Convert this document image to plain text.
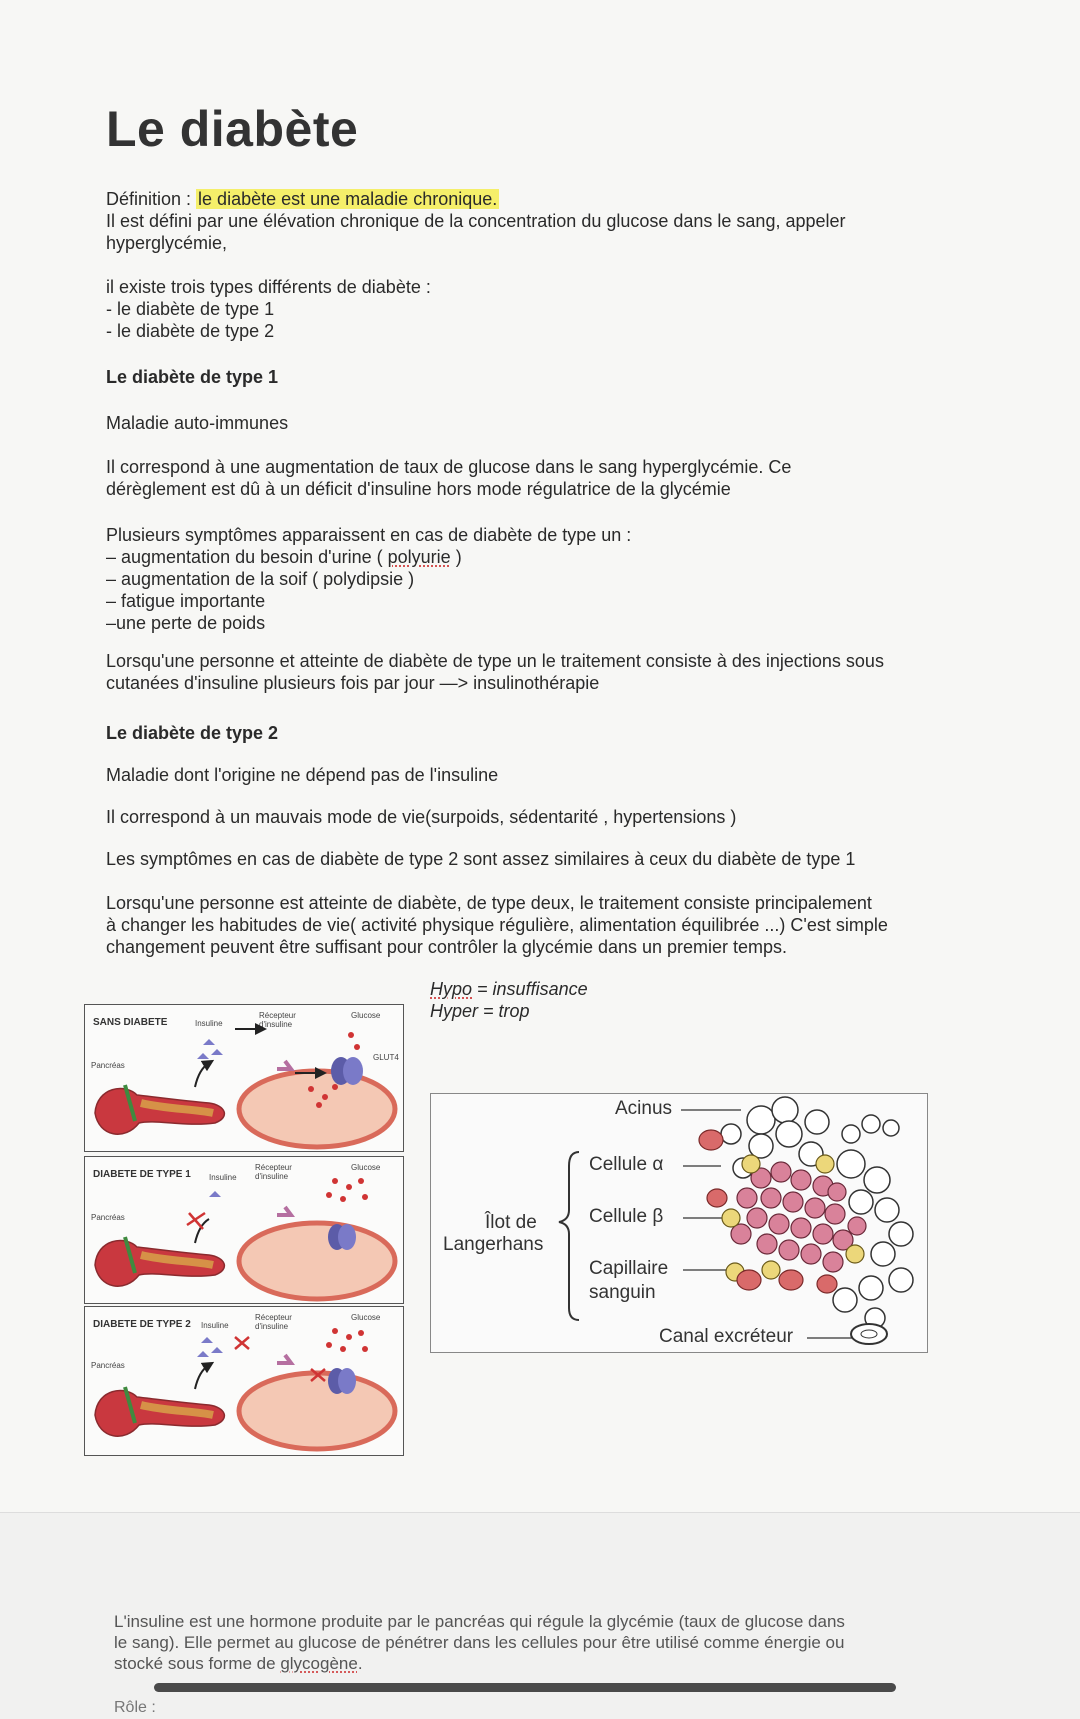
Le diabète

Définition : le diabète est une maladie chronique.

Il est défini par une élévation chronique de la concentration du glucose dans le sang, appeler

hyperglycémie,

il existe trois types différents de diabète :

- le diabète de type 1

- le diabète de type 2

Le diabète de type 1
Maladie auto-immunes

Il correspond à une augmentation de taux de glucose dans le sang hyperglycémie. Ce

dérèglement est dû à un déficit d'insuline hors mode régulatrice de la glycémie

Plusieurs symptômes apparaissent en cas de diabète de type un :

– augmentation du besoin d'urine ( polyurie )

– augmentation de la soif ( polydipsie )

– fatigue importante

–une perte de poids

Lorsqu'une personne et atteinte de diabète de type un le traitement consiste à des injections sous

cutanées d'insuline plusieurs fois par jour —> insulinothérapie

Le diabète de type 2
Maladie dont l'origine ne dépend pas de l'insuline
Il correspond à un mauvais mode de vie(surpoids, sédentarité , hypertensions )
Les symptômes en cas de diabète de type 2 sont assez similaires à ceux du diabète de type 1

Lorsqu'une personne est atteinte de diabète, de type deux, le traitement consiste principalement

à changer les habitudes de vie( activité physique régulière, alimentation équilibrée ...) C'est simple

changement peuvent être suffisant pour contrôler la glycémie dans un premier temps.

Hypo = insuffisance

Hyper = trop

SANS DIABETE	Insuline
Récepteur d'insuline
Glucose
GLUT4
Pancréas
DIABETE DE TYPE 1 Insuline
Récepteur d'insuline
Glucose
Pancréas
DIABETE DE TYPE 2 Insuline
Récepteur d'insuline
Glucose
Pancréas
Acinus
Cellule α
Cellule β
Capillaire
sanguin
Îlot de
Langerhans
Canal excréteur

L'insuline est une hormone produite par le pancréas qui régule la glycémie (taux de glucose dans

le sang). Elle permet au glucose de pénétrer dans les cellules pour être utilisé comme énergie ou

stocké sous forme de glycogène.

Rôle :
